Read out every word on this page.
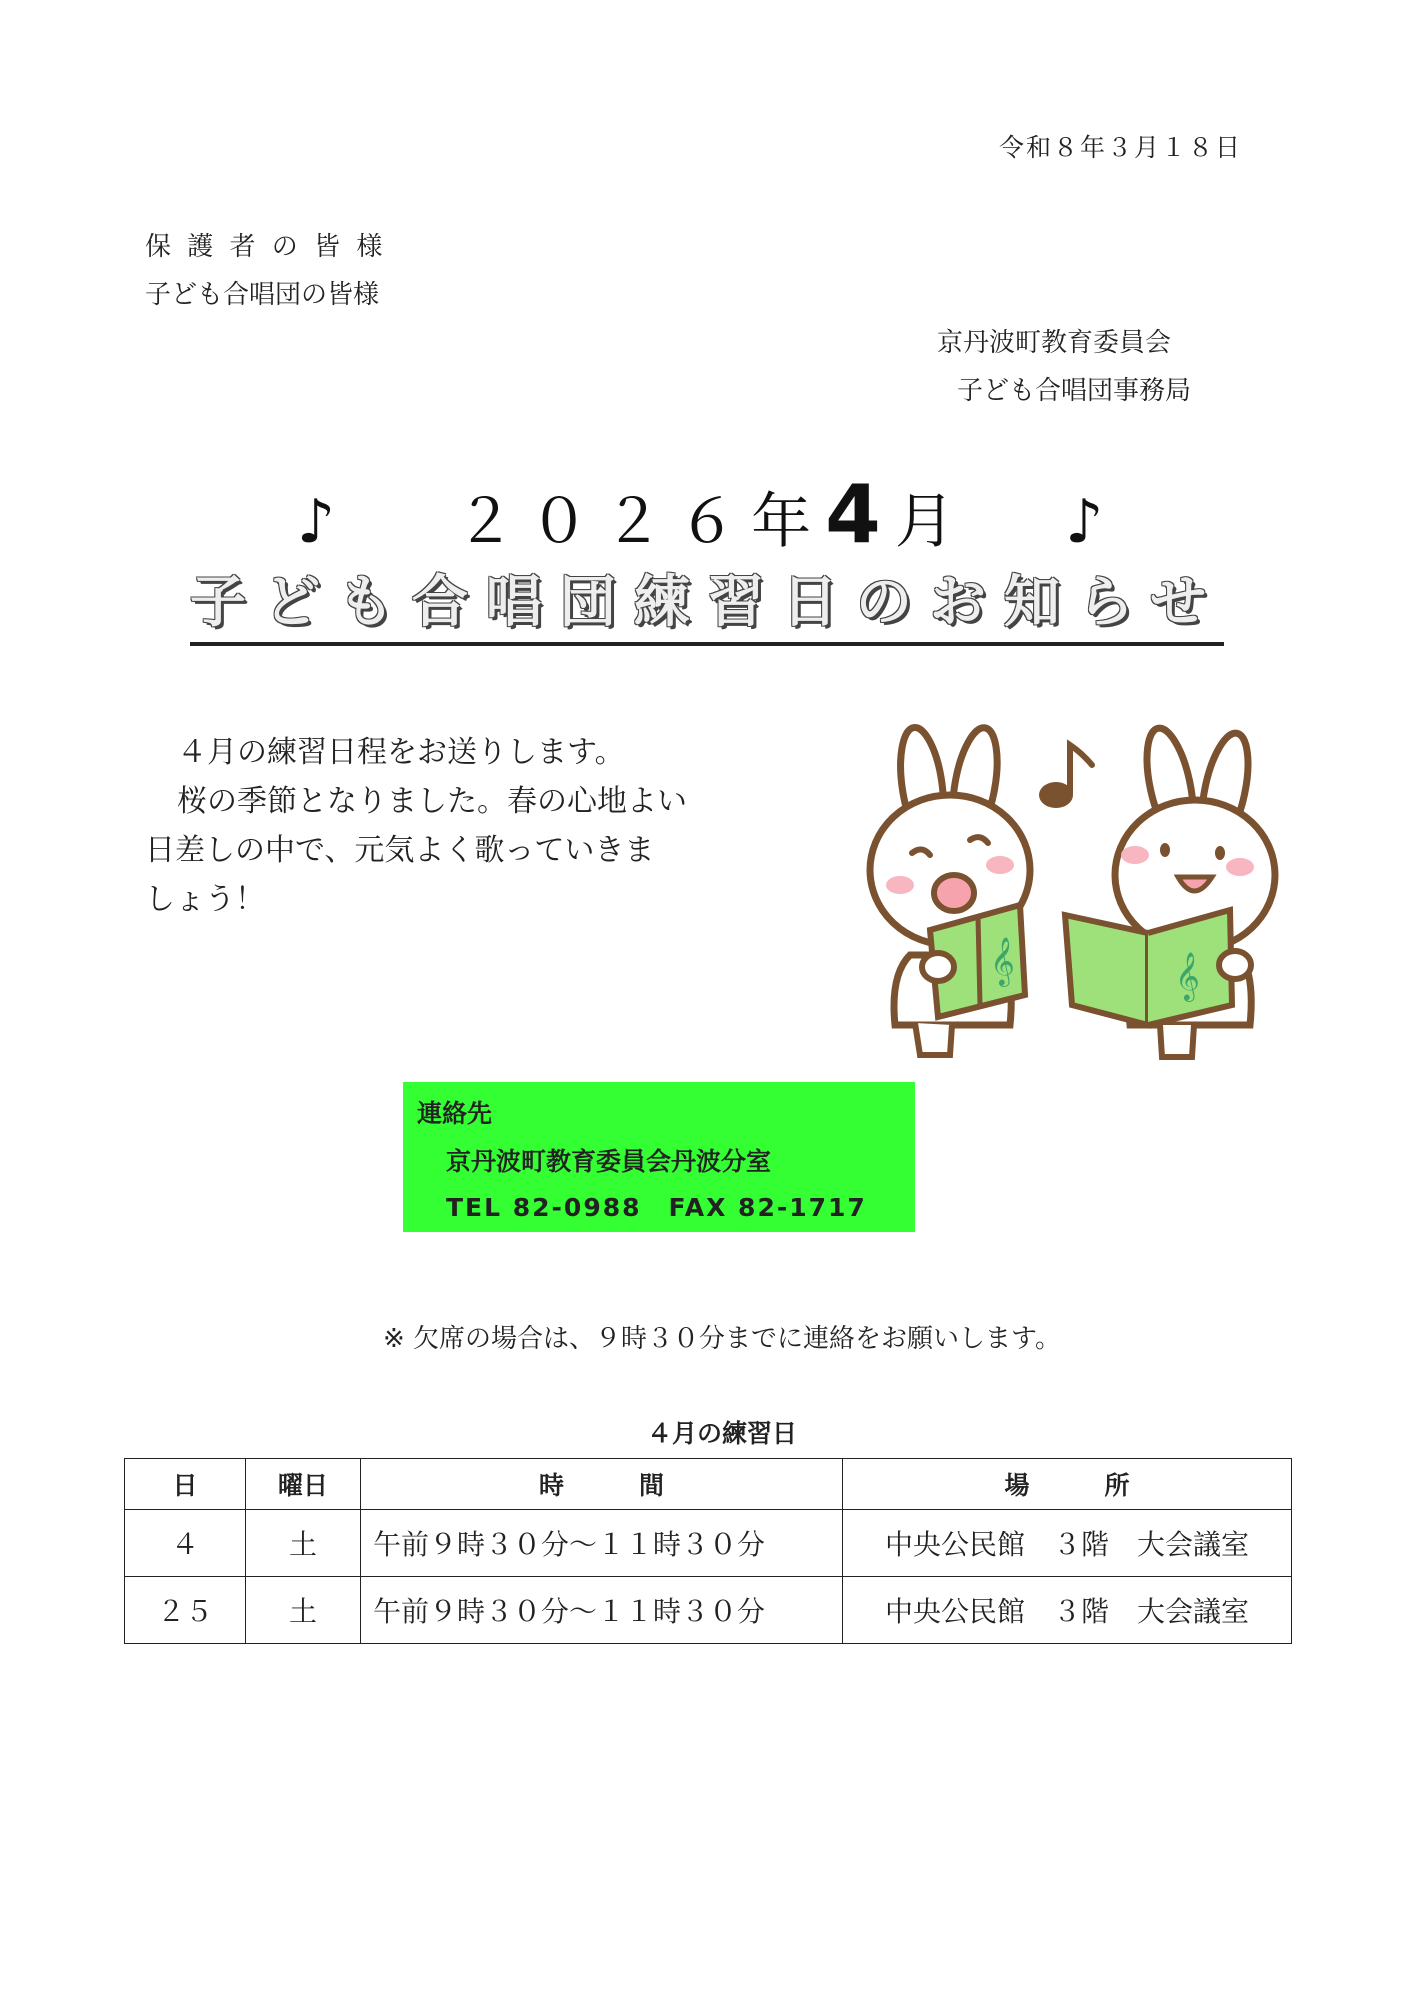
令和８年３月１８日
保 護 者 の 皆 様
子ども合唱団の皆様
京丹波町教育委員会
子ども合唱団事務局
♪ ２０２６年4月 ♪
子ども合唱団練習日のお知らせ

４月の練習日程をお送りします。

桜の季節となりました。春の心地よい

日差しの中で、元気よく歌っていきま

しょう！

𝄞	𝄞
連絡先
京丹波町教育委員会丹波分室
TEL 82-0988　FAX 82-1717
※ 欠席の場合は、９時３０分までに連絡をお願いします。
４月の練習日
日	曜日	時　　　間	場　　　所
４	土	午前９時３０分～１１時３０分	中央公民館　３階　大会議室
２５	土	午前９時３０分～１１時３０分	中央公民館　３階　大会議室
